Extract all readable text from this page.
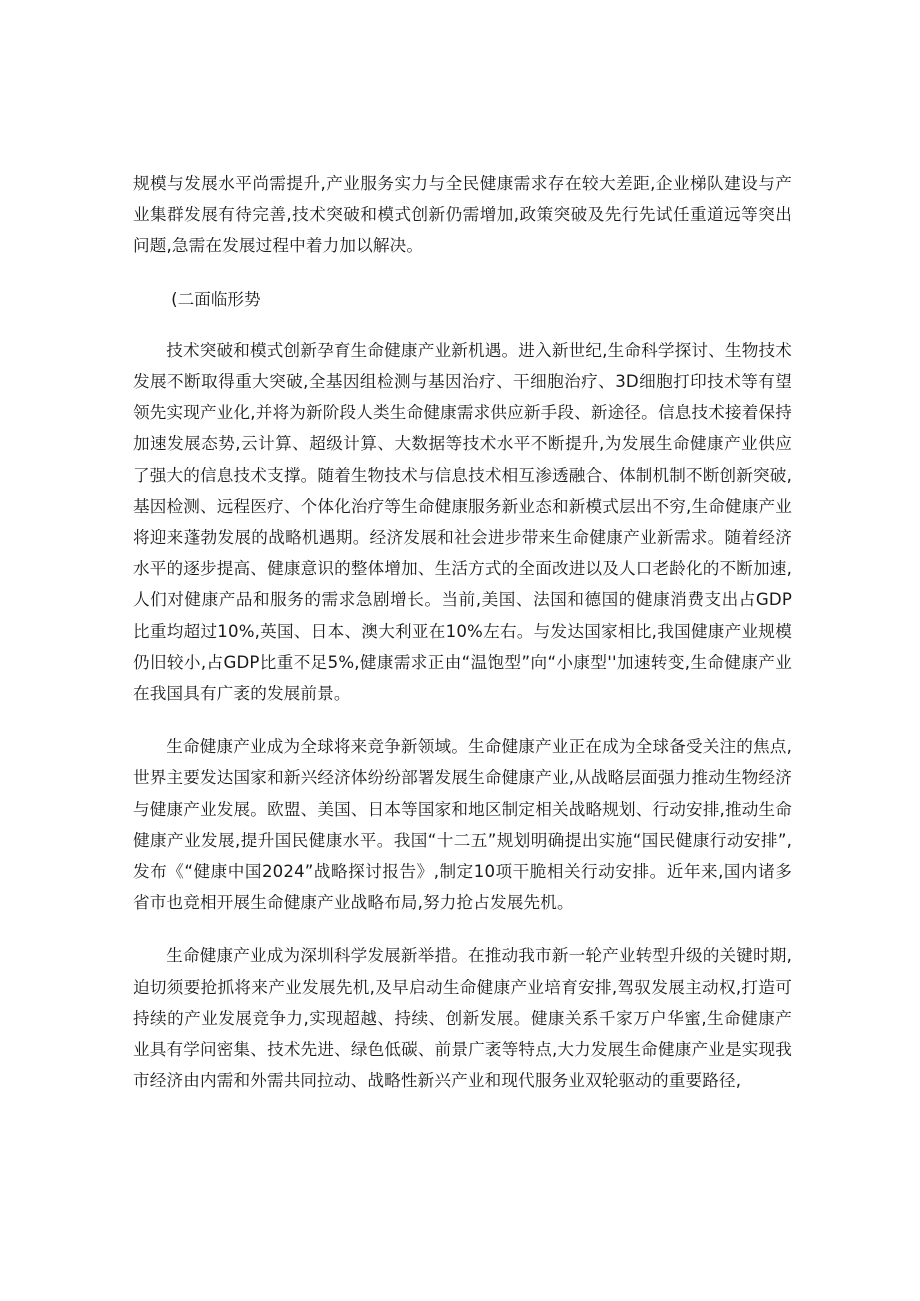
规模与发展水平尚需提升,产业服务实力与全民健康需求存在较大差距,企业梯队建设与产业集群发展有待完善,技术突破和模式创新仍需增加,政策突破及先行先试任重道远等突出问题,急需在发展过程中着力加以解决。

(二面临形势

技术突破和模式创新孕育生命健康产业新机遇。进入新世纪,生命科学探讨、生物技术发展不断取得重大突破,全基因组检测与基因治疗、干细胞治疗、3D细胞打印技术等有望领先实现产业化,并将为新阶段人类生命健康需求供应新手段、新途径。信息技术接着保持加速发展态势,云计算、超级计算、大数据等技术水平不断提升,为发展生命健康产业供应了强大的信息技术支撑。随着生物技术与信息技术相互渗透融合、体制机制不断创新突破,基因检测、远程医疗、个体化治疗等生命健康服务新业态和新模式层出不穷,生命健康产业将迎来蓬勃发展的战略机遇期。经济发展和社会进步带来生命健康产业新需求。随着经济水平的逐步提高、健康意识的整体增加、生活方式的全面改进以及人口老龄化的不断加速,人们对健康产品和服务的需求急剧增长。当前,美国、法国和德国的健康消费支出占GDP比重均超过10%,英国、日本、澳大利亚在10%左右。与发达国家相比,我国健康产业规模仍旧较小,占GDP比重不足5%,健康需求正由“温饱型”向“小康型''加速转变,生命健康产业在我国具有广袤的发展前景。

生命健康产业成为全球将来竞争新领域。生命健康产业正在成为全球备受关注的焦点,世界主要发达国家和新兴经济体纷纷部署发展生命健康产业,从战略层面强力推动生物经济与健康产业发展。欧盟、美国、日本等国家和地区制定相关战略规划、行动安排,推动生命健康产业发展,提升国民健康水平。我国“十二五”规划明确提出实施“国民健康行动安排”,发布《“健康中国2024”战略探讨报告》,制定10项干脆相关行动安排。近年来,国内诸多省市也竞相开展生命健康产业战略布局,努力抢占发展先机。

生命健康产业成为深圳科学发展新举措。在推动我市新一轮产业转型升级的关键时期,迫切须要抢抓将来产业发展先机,及早启动生命健康产业培育安排,驾驭发展主动权,打造可持续的产业发展竞争力,实现超越、持续、创新发展。健康关系千家万户华蜜,生命健康产业具有学问密集、技术先进、绿色低碳、前景广袤等特点,大力发展生命健康产业是实现我市经济由内需和外需共同拉动、战略性新兴产业和现代服务业双轮驱动的重要路径,
